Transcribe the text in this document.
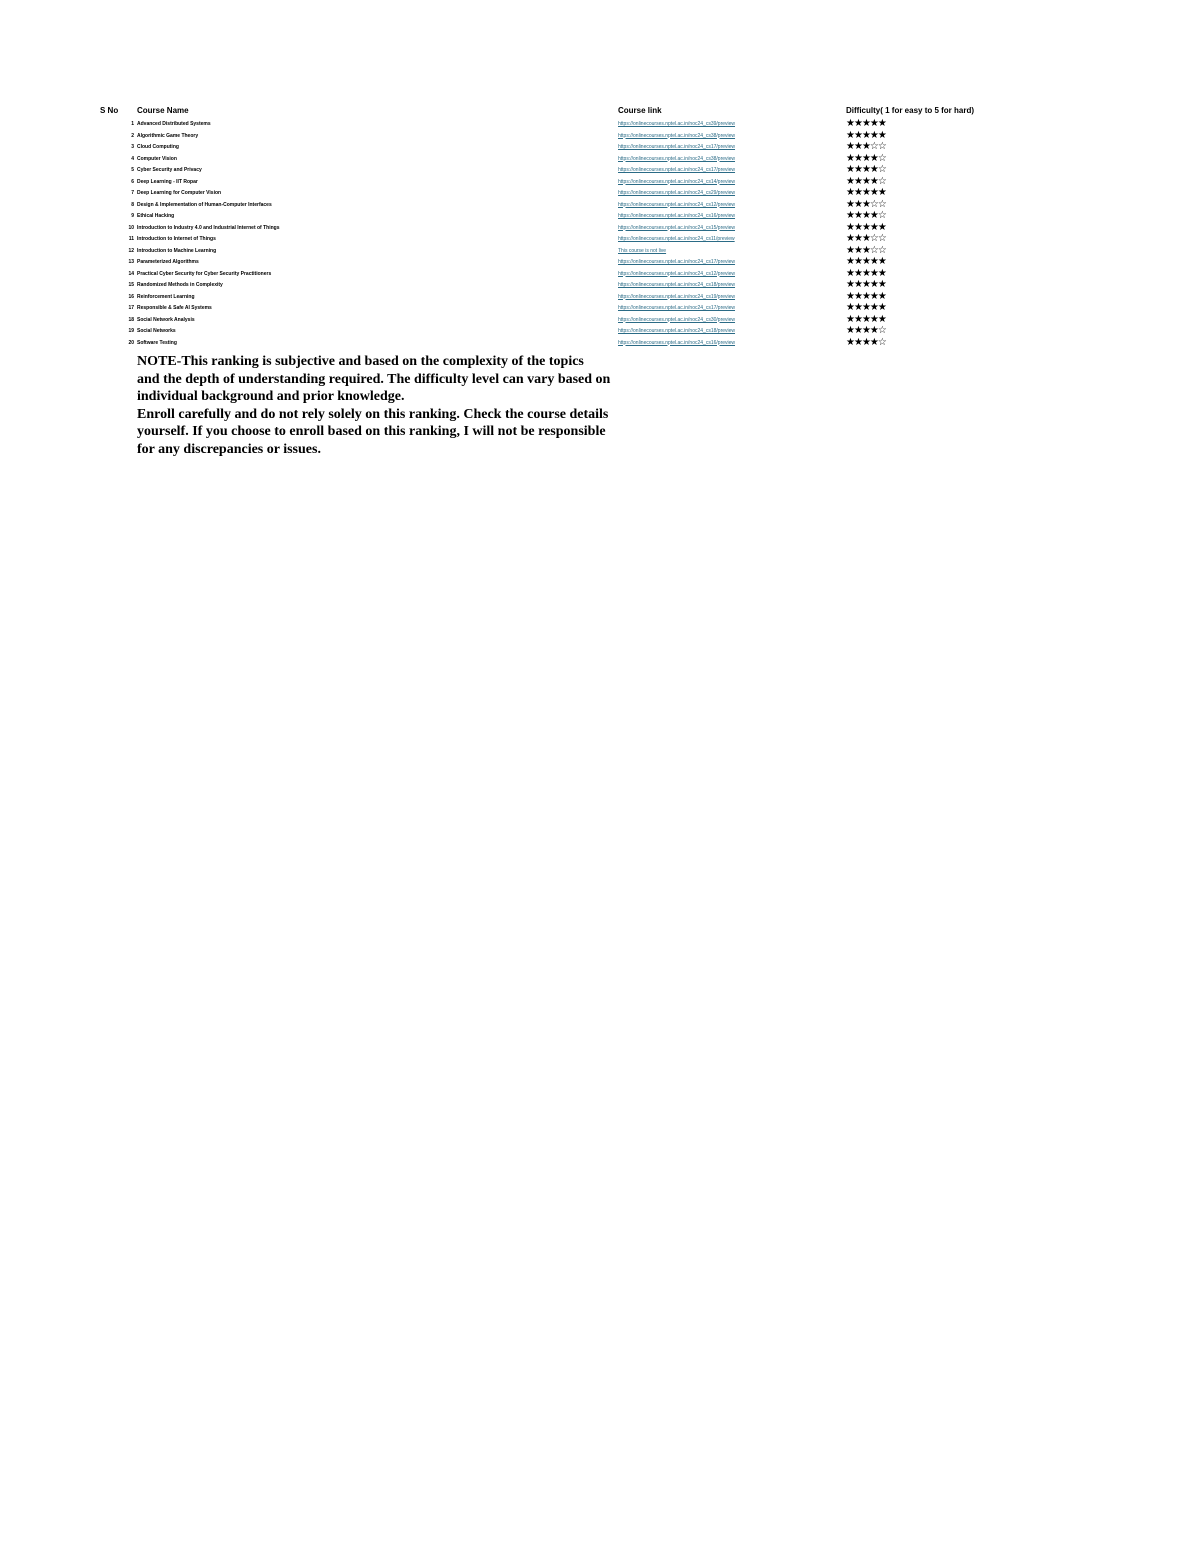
S No Course Name	Course link	Difficulty( 1 for easy to 5 for hard)
1 Advanced Distributed Systems	https://onlinecourses.nptel.ac.in/noc24_cs39/preview	★★★★★
2 Algorithmic Game Theory	https://onlinecourses.nptel.ac.in/noc24_cs38/preview	★★★★★
3 Cloud Computing	https://onlinecourses.nptel.ac.in/noc24_cs17/preview	★★★☆☆
4 Computer Vision	https://onlinecourses.nptel.ac.in/noc24_cs38/preview	★★★★☆
5 Cyber Security and Privacy	https://onlinecourses.nptel.ac.in/noc24_cs17/preview	★★★★☆
6 Deep Learning - IIT Ropar	https://onlinecourses.nptel.ac.in/noc24_cs14/preview	★★★★☆
7 Deep Learning for Computer Vision	https://onlinecourses.nptel.ac.in/noc24_cs29/preview	★★★★★
8 Design & Implementation of Human-Computer Interfaces	https://onlinecourses.nptel.ac.in/noc24_cs12/preview	★★★☆☆
9 Ethical Hacking	https://onlinecourses.nptel.ac.in/noc24_cs16/preview	★★★★☆
10 Introduction to Industry 4.0 and Industrial Internet of Things	https://onlinecourses.nptel.ac.in/noc24_cs15/preview	★★★★★
11 Introduction to Internet of Things	https://onlinecourses.nptel.ac.in/noc24_cs11/preview	★★★☆☆
12 Introduction to Machine Learning	This course is not live	★★★☆☆
13 Parameterized Algorithms	https://onlinecourses.nptel.ac.in/noc24_cs17/preview	★★★★★
14 Practical Cyber Security for Cyber Security Practitioners	https://onlinecourses.nptel.ac.in/noc24_cs12/preview	★★★★★
15 Randomized Methods in Complexity	https://onlinecourses.nptel.ac.in/noc24_cs18/preview	★★★★★
16 Reinforcement Learning	https://onlinecourses.nptel.ac.in/noc24_cs19/preview	★★★★★
17 Responsible & Safe AI Systems	https://onlinecourses.nptel.ac.in/noc24_cs17/preview	★★★★★
18 Social Network Analysis	https://onlinecourses.nptel.ac.in/noc24_cs30/preview	★★★★★
19 Social Networks	https://onlinecourses.nptel.ac.in/noc24_cs18/preview	★★★★☆
20 Software Testing	https://onlinecourses.nptel.ac.in/noc24_cs16/preview	★★★★☆

NOTE-This ranking is subjective and based on the complexity of the topics

and the depth of understanding required. The difficulty level can vary based on individual background and prior knowledge.

Enroll carefully and do not rely solely on this ranking. Check the course details yourself. If you choose to enroll based on this ranking, I will not be responsible for any discrepancies or issues.
